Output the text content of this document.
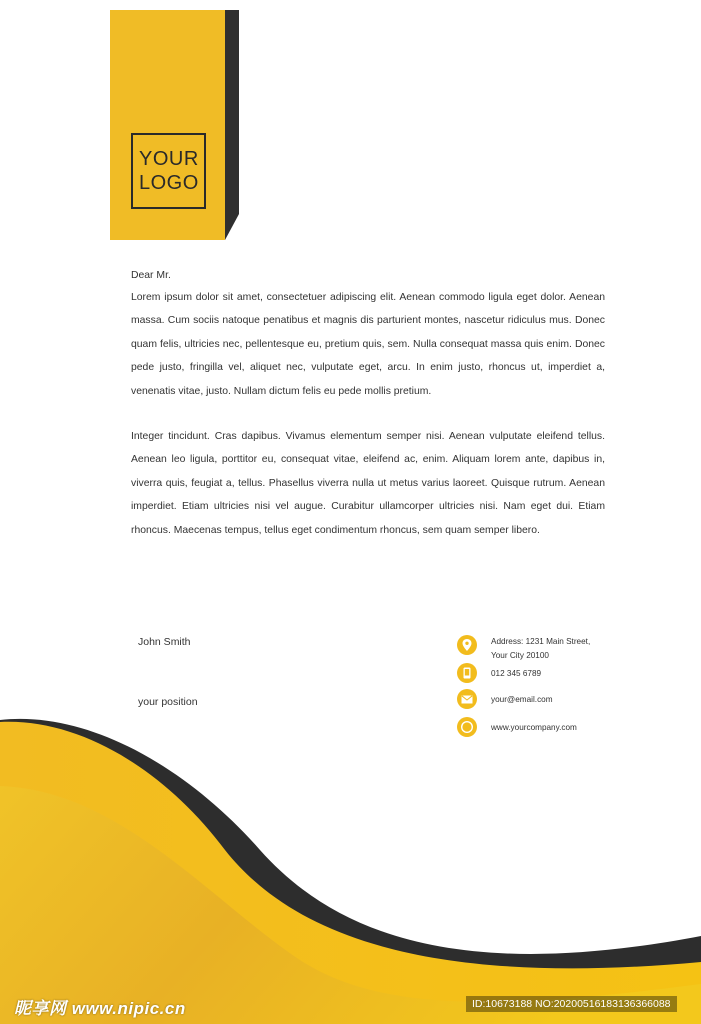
YOUR
LOGO

Dear Mr.

Lorem ipsum dolor sit amet, consectetuer adipiscing elit. Aenean commodo ligula eget dolor. Aenean massa. Cum sociis natoque penatibus et magnis dis parturient montes, nascetur ridiculus mus. Donec quam felis, ultricies nec, pellentesque eu, pretium quis, sem. Nulla consequat massa quis enim. Donec pede justo, fringilla vel, aliquet nec, vulputate eget, arcu. In enim justo, rhoncus ut, imperdiet a, venenatis vitae, justo. Nullam dictum felis eu pede mollis pretium.

Integer tincidunt. Cras dapibus. Vivamus elementum semper nisi. Aenean vulputate eleifend tellus. Aenean leo ligula, porttitor eu, consequat vitae, eleifend ac, enim. Aliquam lorem ante, dapibus in, viverra quis, feugiat a, tellus. Phasellus viverra nulla ut metus varius laoreet. Quisque rutrum. Aenean imperdiet. Etiam ultricies nisi vel augue. Curabitur ullamcorper ultricies nisi. Nam eget dui. Etiam rhoncus. Maecenas tempus, tellus eget condimentum rhoncus, sem quam semper libero.

John Smith
your position
Address: 1231 Main Street,
Your City 20100
012 345 6789
your@email.com
www.yourcompany.com
昵享网 www.nipic.cn	ID:10673188 NO:20200516183136366088
